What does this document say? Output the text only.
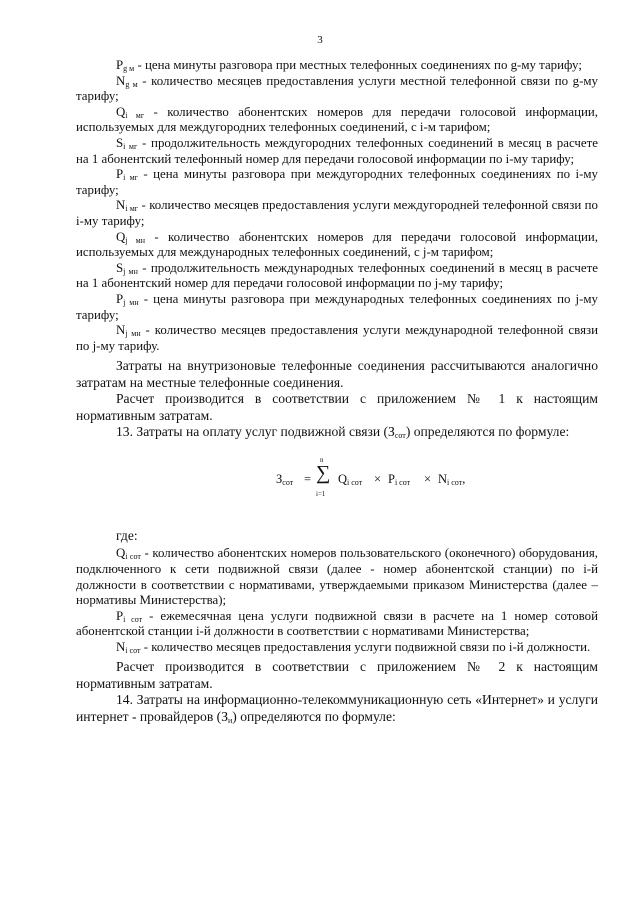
3

$P_{g м}$ - цена минуты разговора при местных телефонных соединениях по g-му тарифу;

$N_{g м}$ - количество месяцев предоставления услуги местной телефонной связи по g-му тарифу;

$Q_{i мг}$ - количество абонентских номеров для передачи голосовой информации, используемых для междугородних телефонных соединений, с i-м тарифом;

$S_{i мг}$ - продолжительность междугородних телефонных соединений в месяц в расчете на 1 абонентский телефонный номер для передачи голосовой информации по i-му тарифу;

$P_{i мг}$ - цена минуты разговора при междугородних телефонных соединениях по i-му тарифу;

$N_{i мг}$ - количество месяцев предоставления услуги междугородней телефонной связи по i-му тарифу;

$Q_{j мн}$ - количество абонентских номеров для передачи голосовой информации, используемых для международных телефонных соединений, с j-м тарифом;

$S_{j мн}$ - продолжительность международных телефонных соединений в месяц в расчете на 1 абонентский номер для передачи голосовой информации по j-му тарифу;

$P_{j мн}$ - цена минуты разговора при международных телефонных соединениях по j-му тарифу;

$N_{j мн}$ - количество месяцев предоставления услуги международной телефонной связи по j-му тарифу.

Затраты на внутризоновые телефонные соединения рассчитываются аналогично затратам на местные телефонные соединения.

Расчет производится в соответствии с приложением № 1 к настоящим нормативным затратам.

13. Затраты на оплату услуг подвижной связи $(З_{сот})$ определяются по формуле:

$З_{сот}$ =
n
∑
i=1
$Q_{i сот} \times P_{i сот} \times N_{i сот}$,

где:

$Q_{i сот}$ - количество абонентских номеров пользовательского (оконечного) оборудования, подключенного к сети подвижной связи (далее - номер абонентской станции) по i-й должности в соответствии с нормативами, утверждаемыми приказом Министерства (далее – нормативы Министерства);

$P_{i сот}$ - ежемесячная цена услуги подвижной связи в расчете на 1 номер сотовой абонентской станции i-й должности в соответствии с нормативами Министерства;

$N_{i сот}$ - количество месяцев предоставления услуги подвижной связи по i-й должности.

Расчет производится в соответствии с приложением № 2 к настоящим нормативным затратам.

14. Затраты на информационно-телекоммуникационную сеть «Интернет» и услуги интернет - провайдеров $(З_и)$ определяются по формуле:
